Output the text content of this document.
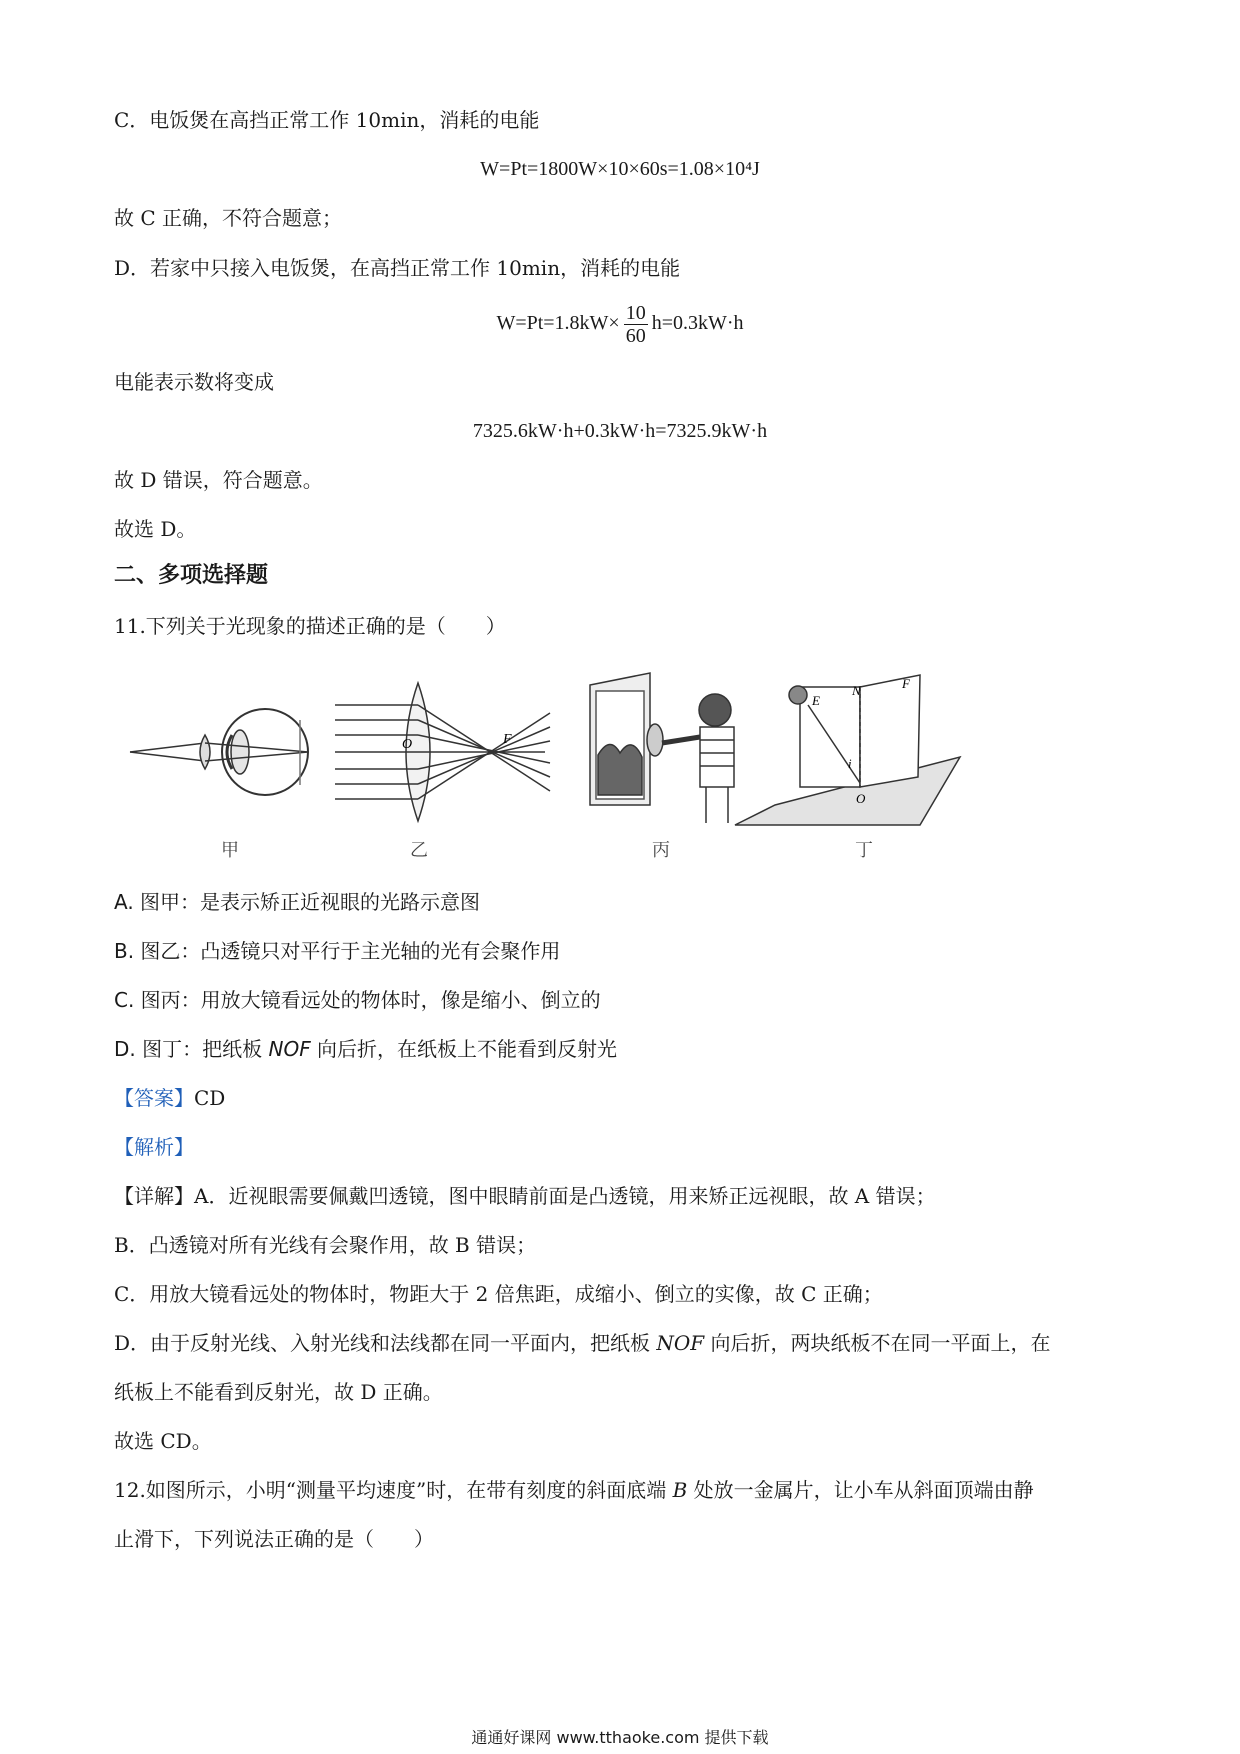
C．电饭煲在高挡正常工作 10min，消耗的电能
W=Pt=1800W×10×60s=1.08×10⁴J
故 C 正确，不符合题意；
D．若家中只接入电饭煲，在高挡正常工作 10min，消耗的电能
$W=Pt=1.8kW\times \frac{10}{60} h=0.3kW\cdot h$
电能表示数将变成
7325.6kW·h+0.3kW·h=7325.9kW·h
故 D 错误，符合题意。
故选 D。
二、多项选择题
11.下列关于光现象的描述正确的是（　　）
O	F
E
N	F
i
O
甲	乙	丙	丁
A. 图甲：是表示矫正近视眼的光路示意图
B. 图乙：凸透镜只对平行于主光轴的光有会聚作用
C. 图丙：用放大镜看远处的物体时，像是缩小、倒立的
D. 图丁：把纸板 NOF 向后折，在纸板上不能看到反射光
【答案】CD
【解析】
【详解】A．近视眼需要佩戴凹透镜，图中眼睛前面是凸透镜，用来矫正远视眼，故 A 错误；
B．凸透镜对所有光线有会聚作用，故 B 错误；
C．用放大镜看远处的物体时，物距大于 2 倍焦距，成缩小、倒立的实像，故 C 正确；
D．由于反射光线、入射光线和法线都在同一平面内，把纸板 NOF 向后折，两块纸板不在同一平面上，在
纸板上不能看到反射光，故 D 正确。
故选 CD。
12.如图所示，小明“测量平均速度”时，在带有刻度的斜面底端 B 处放一金属片，让小车从斜面顶端由静
止滑下，下列说法正确的是（　　）
通通好课网 www.tthaoke.com 提供下载
